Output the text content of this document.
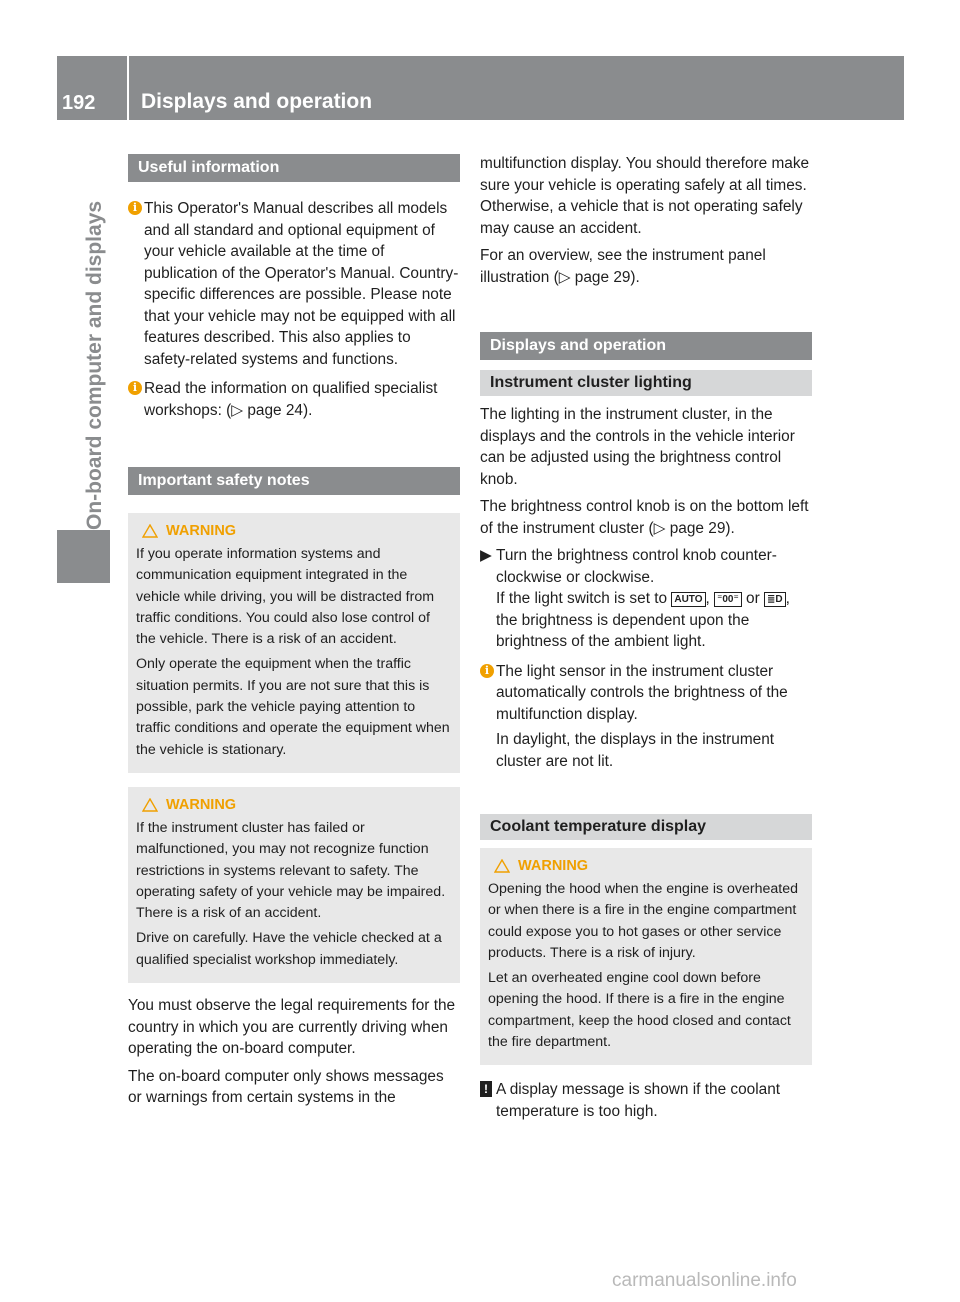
192 Displays and operation
On-board computer and displays
Useful information
i This Operator's Manual describes all models and all standard and optional equipment of your vehicle available at the time of publication of the Operator's Manual. Country-specific differences are possible. Please note that your vehicle may not be equipped with all features described. This also applies to safety-related systems and functions.
i Read the information on qualified specialist workshops: (▷ page 24).
Important safety notes
WARNING
If you operate information systems and communication equipment integrated in the vehicle while driving, you will be distracted from traffic conditions. You could also lose control of the vehicle. There is a risk of an accident.
Only operate the equipment when the traffic situation permits. If you are not sure that this is possible, park the vehicle paying attention to traffic conditions and operate the equipment when the vehicle is stationary.
WARNING
If the instrument cluster has failed or malfunctioned, you may not recognize function restrictions in systems relevant to safety. The operating safety of your vehicle may be impaired. There is a risk of an accident.
Drive on carefully. Have the vehicle checked at a qualified specialist workshop immediately.

You must observe the legal requirements for the country in which you are currently driving when operating the on-board computer.

The on-board computer only shows messages or warnings from certain systems in the

multifunction display. You should therefore make sure your vehicle is operating safely at all times. Otherwise, a vehicle that is not operating safely may cause an accident.

For an overview, see the instrument panel illustration (▷ page 29).

Displays and operation
Instrument cluster lighting

The lighting in the instrument cluster, in the displays and the controls in the vehicle interior can be adjusted using the brightness control knob.

The brightness control knob is on the bottom left of the instrument cluster (▷ page 29).

▶ Turn the brightness control knob counter-clockwise or clockwise.
If the light switch is set to AUTO , ⁼00⁼ or ≣D , the brightness is dependent upon the brightness of the ambient light.
i The light sensor in the instrument cluster automatically controls the brightness of the multifunction display.
In daylight, the displays in the instrument cluster are not lit.
Coolant temperature display
WARNING
Opening the hood when the engine is overheated or when there is a fire in the engine compartment could expose you to hot gases or other service products. There is a risk of injury.
Let an overheated engine cool down before opening the hood. If there is a fire in the engine compartment, keep the hood closed and contact the fire department.
! A display message is shown if the coolant temperature is too high.
carmanualsonline.info
